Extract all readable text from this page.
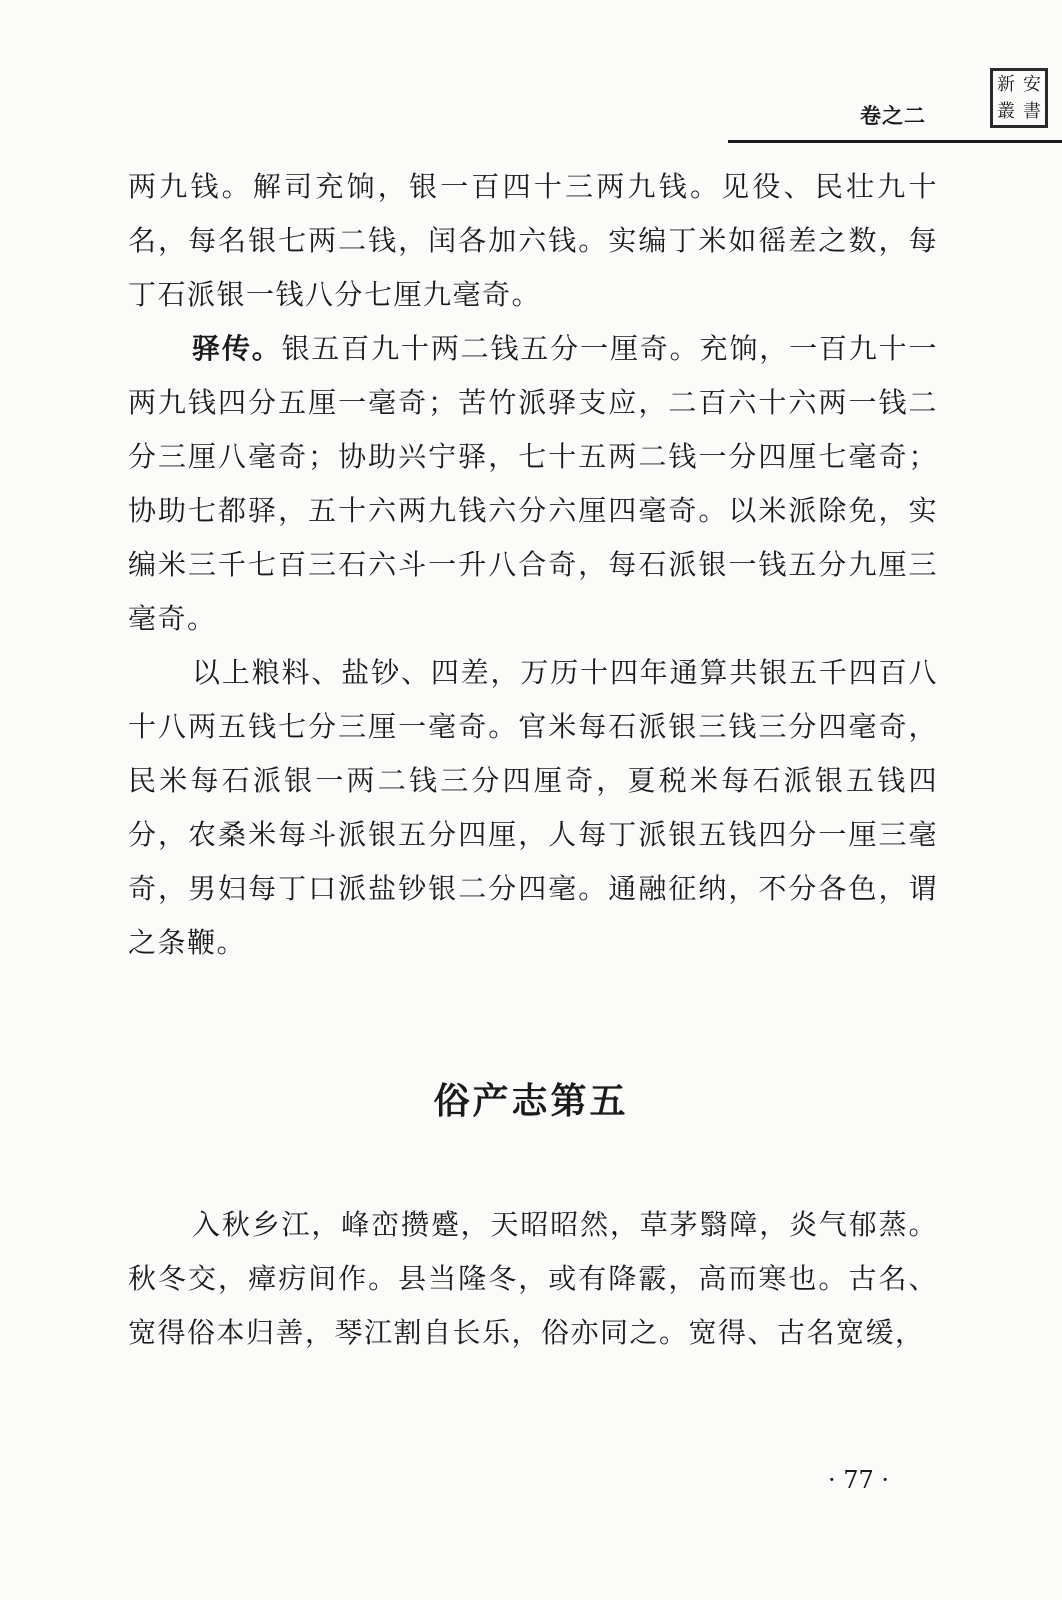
卷之二
新 安
叢 書

两九钱。解司充饷，银一百四十三两九钱。见役、民壮九十名，每名银七两二钱，闰各加六钱。实编丁米如徭差之数，每丁石派银一钱八分七厘九毫奇。

驿传。银五百九十两二钱五分一厘奇。充饷，一百九十一两九钱四分五厘一毫奇；苦竹派驿支应，二百六十六两一钱二分三厘八毫奇；协助兴宁驿，七十五两二钱一分四厘七毫奇；协助七都驿，五十六两九钱六分六厘四毫奇。以米派除免，实编米三千七百三石六斗一升八合奇，每石派银一钱五分九厘三毫奇。

以上粮料、盐钞、四差，万历十四年通算共银五千四百八十八两五钱七分三厘一毫奇。官米每石派银三钱三分四毫奇，民米每石派银一两二钱三分四厘奇，夏税米每石派银五钱四分，农桑米每斗派银五分四厘，人每丁派银五钱四分一厘三毫奇，男妇每丁口派盐钞银二分四毫。通融征纳，不分各色，谓之条鞭。

俗产志第五

入秋乡江，峰峦攒蹙，天昭昭然，草茅翳障，炎气郁蒸。秋冬交，瘴疠间作。县当隆冬，或有降霰，高而寒也。古名、宽得俗本归善，琴江割自长乐，俗亦同之。宽得、古名宽缓，

· 77 ·
